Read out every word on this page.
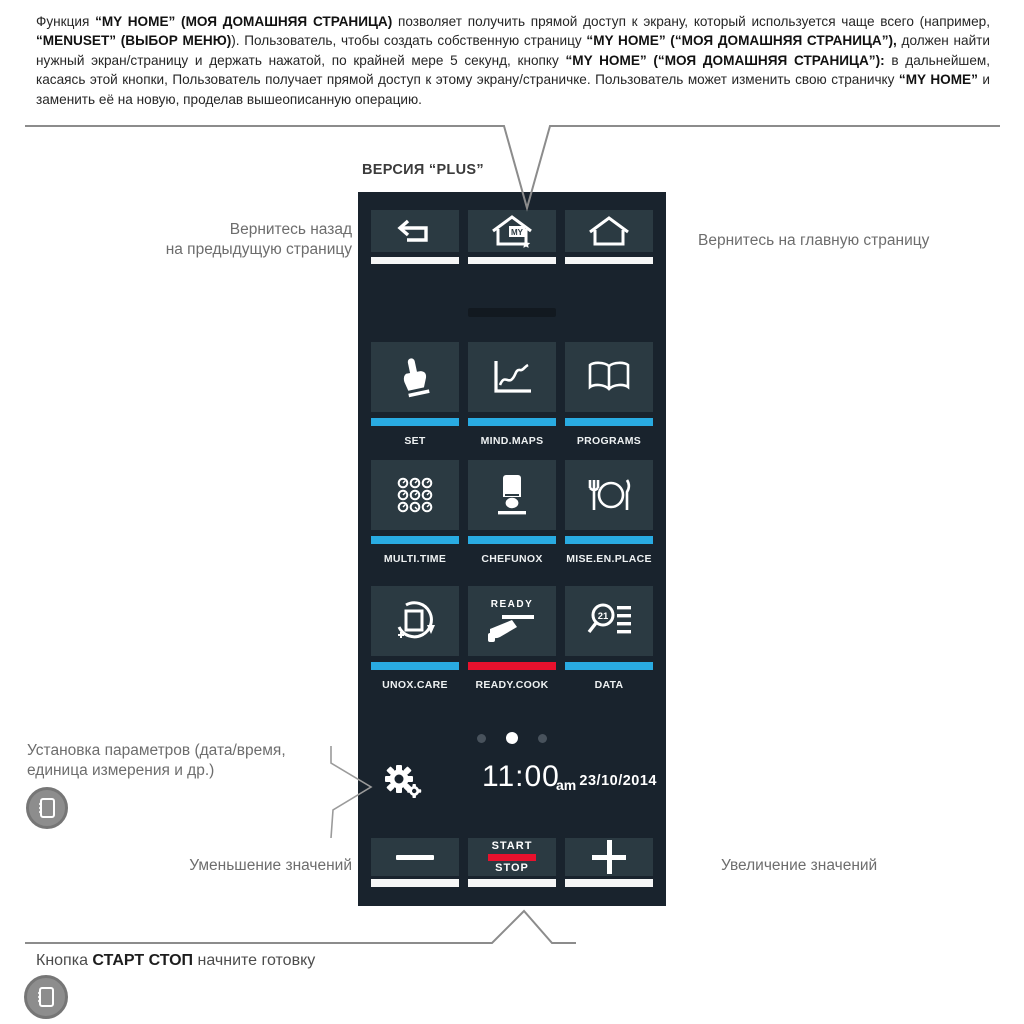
Функция “MY HOME” (МОЯ ДОМАШНЯЯ СТРАНИЦА) позволяет получить прямой доступ к экрану, который используется чаще всего (например, “MENUSET” (ВЫБОР МЕНЮ)). Пользователь, чтобы создать собственную страницу “MY HOME” (“МОЯ ДОМАШНЯЯ СТРАНИЦА”), должен найти нужный экран/страницу и держать нажатой, по крайней мере 5 секунд, кнопку “MY HOME” (“МОЯ ДОМАШНЯЯ СТРАНИЦА”): в дальнейшем, касаясь этой кнопки, Пользователь получает прямой доступ к этому экрану/страничке. Пользователь может изменить свою страничку “MY HOME” и заменить её на новую, проделав вышеописанную операцию.
ВЕРСИЯ “PLUS”
Вернитесь назад
на предыдущую страницу	Вернитесь на главную страницу
Установка параметров (дата/время,
единица измерения и др.)
Уменьшение значений	Увеличение значений
Кнопка СТАРТ СТОП начните готовку
MY
SET	MIND.MAPS	PROGRAMS
MULTI.TIME	CHEFUNOX	MISE.EN.PLACE
UNOX.CARE
READY
READY.COOK
21
DATA
11:00
am 23/10/2014
START
STOP
